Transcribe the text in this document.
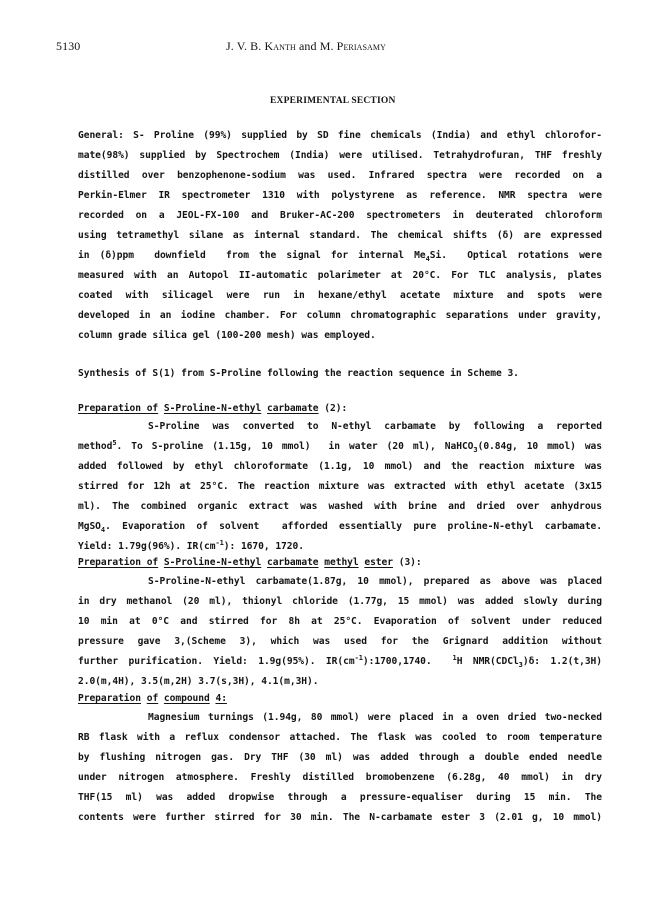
5130	J. V. B. Kanth and M. Periasamy
EXPERIMENTAL SECTION
General: S- Proline (99%) supplied by SD fine chemicals (India) and ethyl chlorofor-
mate(98%) supplied by Spectrochem (India) were utilised. Tetrahydrofuran, THF freshly
distilled over benzophenone-sodium was used. Infrared spectra were recorded on a
Perkin-Elmer IR spectrometer 1310 with polystyrene as reference. NMR spectra were
recorded on a JEOL-FX-100 and Bruker-AC-200 spectrometers in deuterated chloroform
using tetramethyl silane as internal standard. The chemical shifts (δ) are expressed
in (δ)ppm  downfield  from the signal for internal $Me_4Si$.  Optical rotations were
measured with an Autopol II-automatic polarimeter at 20°C. For TLC analysis, plates
coated with silicagel were run in hexane/ethyl acetate mixture and spots were
developed in an iodine chamber. For column chromatographic separations under gravity,
column grade silica gel (100-200 mesh) was employed.
Synthesis of S(1) from S-Proline following the reaction sequence in Scheme 3.
Preparation of S-Proline-N-ethyl carbamate (2):
S-Proline was converted to N-ethyl carbamate by following a reported
method$^5$. To S-proline (1.15g, 10 mmol)  in water (20 ml), NaHCO$_3$(0.84g, 10 mmol) was
added followed by ethyl chloroformate (1.1g, 10 mmol) and the reaction mixture was
stirred for 12h at 25°C. The reaction mixture was extracted with ethyl acetate (3x15
ml). The combined organic extract was washed with brine and dried over anhydrous
MgSO$_4$. Evaporation of solvent  afforded essentially pure proline-N-ethyl carbamate.
Yield: 1.79g(96%). $IR(cm^{-1})$: 1670, 1720.
Preparation of S-Proline-N-ethyl carbamate methyl ester (3):
S-Proline-N-ethyl carbamate(1.87g, 10 mmol), prepared as above was placed
in dry methanol (20 ml), thionyl chloride (1.77g, 15 mmol) was added slowly during
10 min at 0°C and stirred for 8h at 25°C. Evaporation of solvent under reduced
pressure gave 3,(Scheme 3), which was used for the Grignard addition without
further purification. Yield: 1.9g(95%). $IR(cm^{-1}):1700,1740$.  $^1$H NMR(CDCl$_3$)δ: 1.2(t,3H)
2.0(m,4H), 3.5(m,2H) 3.7(s,3H), 4.1(m,3H).
Preparation of compound 4:
Magnesium turnings (1.94g, 80 mmol) were placed in a oven dried two-necked
RB flask with a reflux condensor attached. The flask was cooled to room temperature
by flushing nitrogen gas. Dry THF (30 ml) was added through a double ended needle
under nitrogen atmosphere. Freshly distilled bromobenzene (6.28g, 40 mmol) in dry
THF(15 ml) was added dropwise through a pressure-equaliser during 15 min. The
contents were further stirred for 30 min. The N-carbamate ester 3 (2.01 g, 10 mmol)
